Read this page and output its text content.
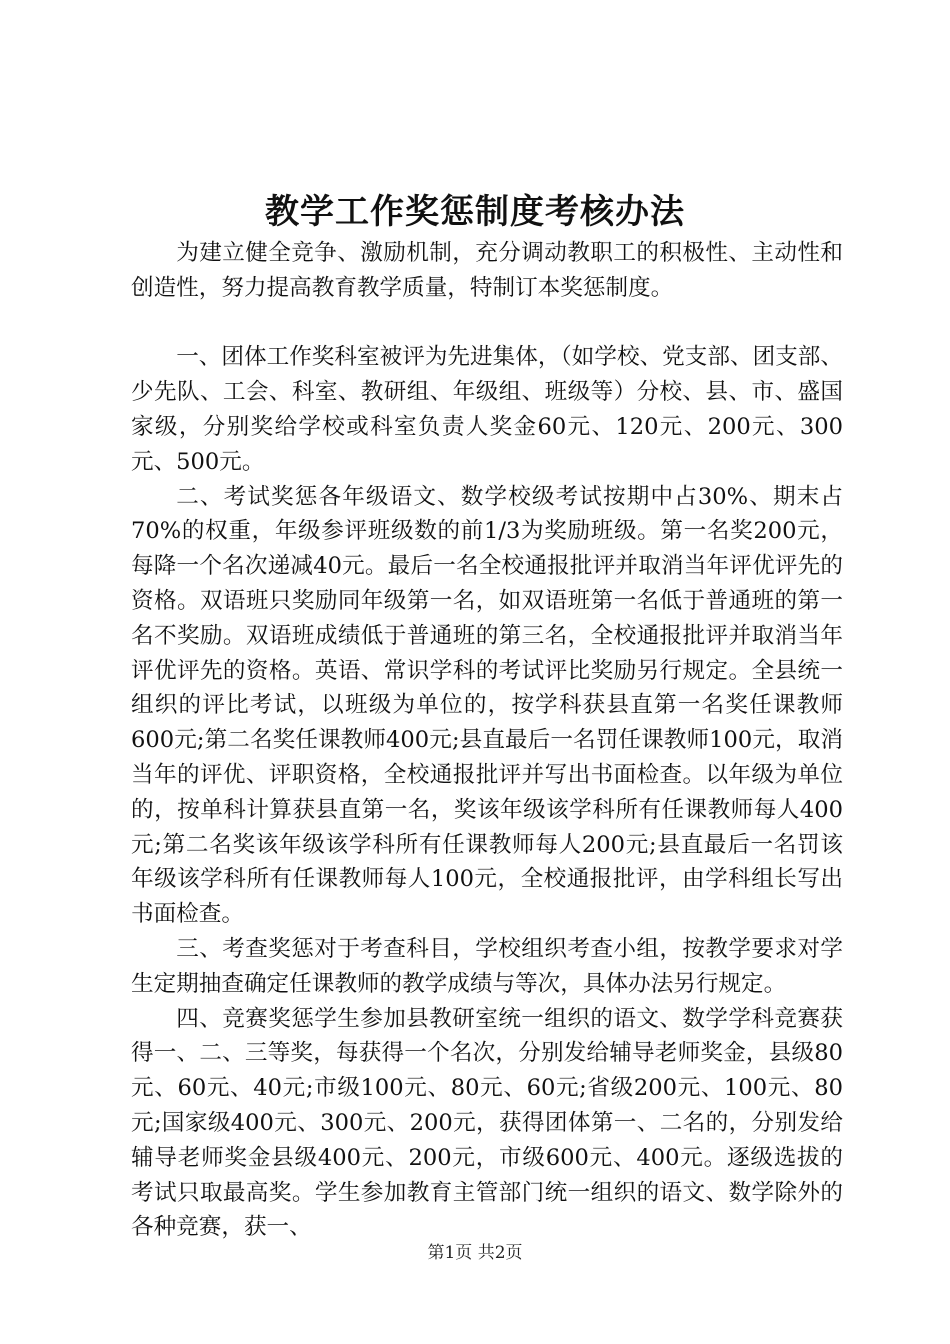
教学工作奖惩制度考核办法

为建立健全竞争、激励机制，充分调动教职工的积极性、主动性和创造性，努力提高教育教学质量，特制订本奖惩制度。

一、团体工作奖科室被评为先进集体，（如学校、党支部、团支部、少先队、工会、科室、教研组、年级组、班级等）分校、县、市、盛国家级，分别奖给学校或科室负责人奖金60元、120元、200元、300元、500元。

二、考试奖惩各年级语文、数学校级考试按期中占30%、期末占70%的权重，年级参评班级数的前1/3为奖励班级。第一名奖200元，每降一个名次递减40元。最后一名全校通报批评并取消当年评优评先的资格。双语班只奖励同年级第一名，如双语班第一名低于普通班的第一名不奖励。双语班成绩低于普通班的第三名，全校通报批评并取消当年评优评先的资格。英语、常识学科的考试评比奖励另行规定。全县统一组织的评比考试，以班级为单位的，按学科获县直第一名奖任课教师600元;第二名奖任课教师400元;县直最后一名罚任课教师100元，取消当年的评优、评职资格，全校通报批评并写出书面检查。以年级为单位的，按单科计算获县直第一名，奖该年级该学科所有任课教师每人400元;第二名奖该年级该学科所有任课教师每人200元;县直最后一名罚该年级该学科所有任课教师每人100元，全校通报批评，由学科组长写出书面检查。

三、考查奖惩对于考查科目，学校组织考查小组，按教学要求对学生定期抽查确定任课教师的教学成绩与等次，具体办法另行规定。

四、竞赛奖惩学生参加县教研室统一组织的语文、数学学科竞赛获得一、二、三等奖，每获得一个名次，分别发给辅导老师奖金，县级80元、60元、40元;市级100元、80元、60元;省级200元、100元、80元;国家级400元、300元、200元，获得团体第一、二名的，分别发给辅导老师奖金县级400元、200元，市级600元、400元。逐级选拔的考试只取最高奖。学生参加教育主管部门统一组织的语文、数学除外的各种竞赛，获一、

第1页 共2页
